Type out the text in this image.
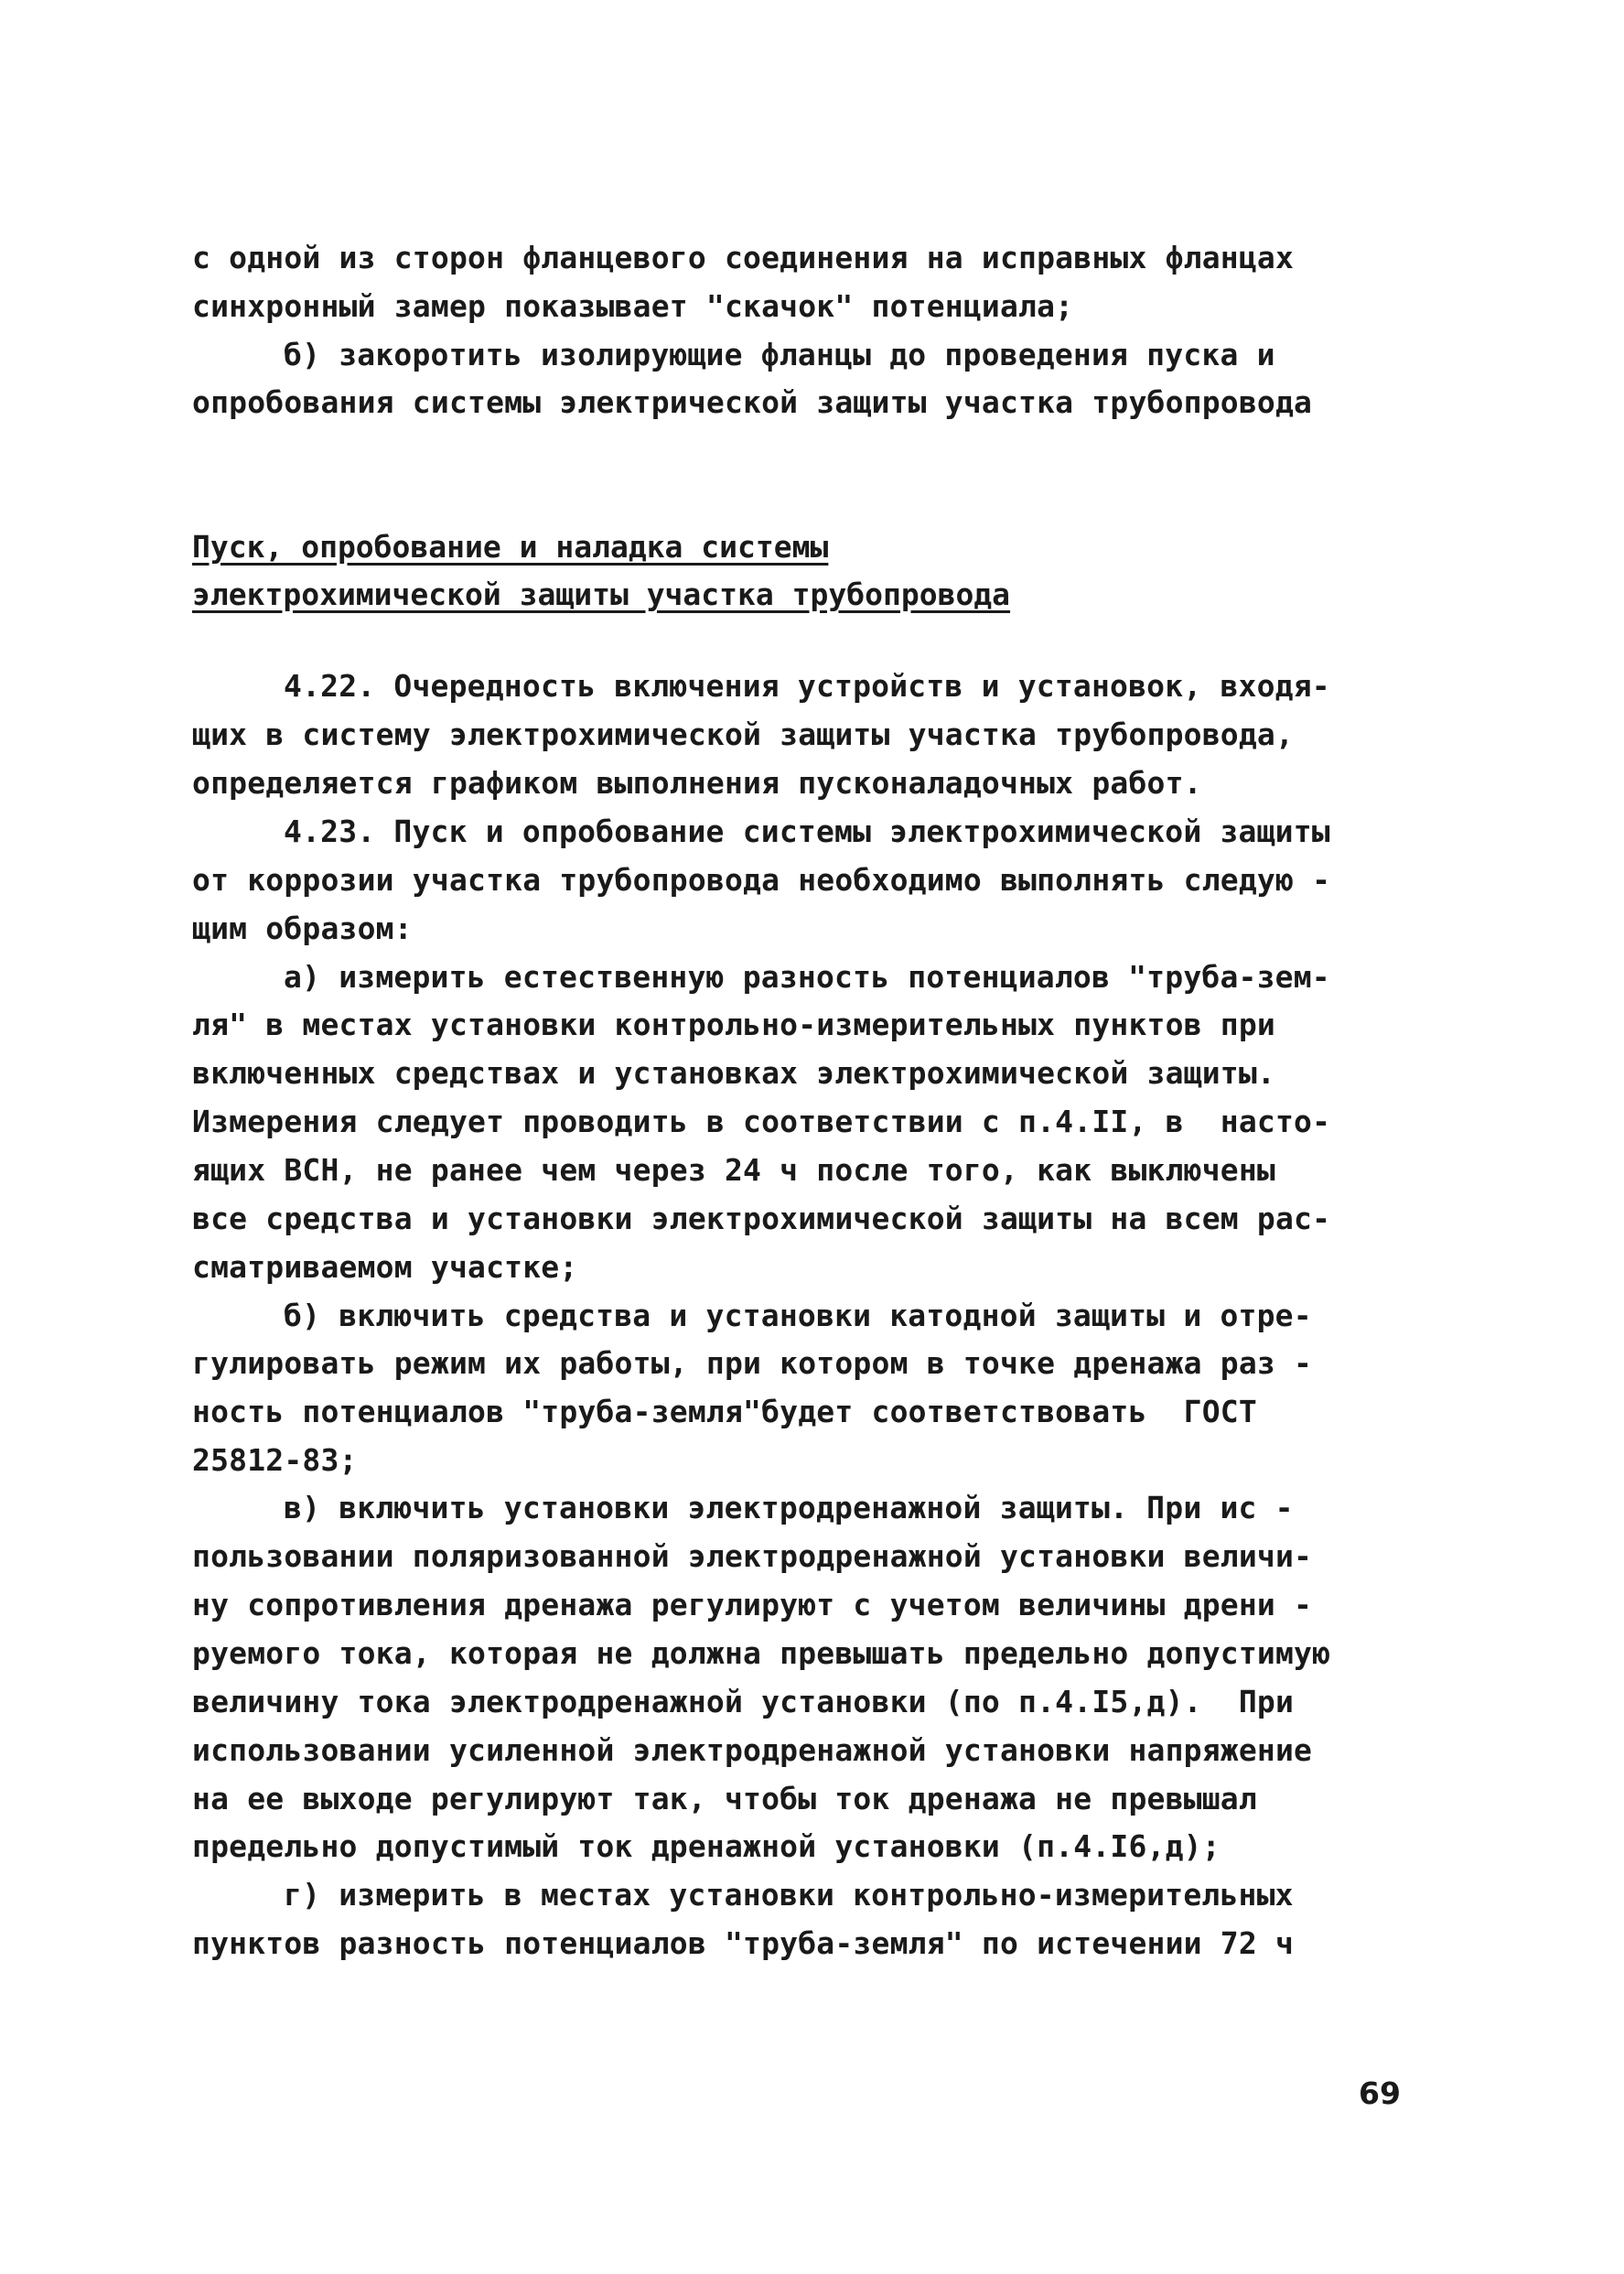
с одной из сторон фланцевого соединения на исправных фланцах
синхронный замер показывает "скачок" потенциала;
б) закоротить изолирующие фланцы до проведения пуска и
опробования системы электрической защиты участка трубопровода
Пуск, опробование и наладка системы
электрохимической защиты участка трубопровода
4.22. Очередность включения устройств и установок, входя-
щих в систему электрохимической защиты участка трубопровода,
определяется графиком выполнения пусконаладочных работ.
4.23. Пуск и опробование системы электрохимической защиты
от коррозии участка трубопровода необходимо выполнять следую -
щим образом:
а) измерить естественную разность потенциалов "труба-зем-
ля" в местах установки контрольно-измерительных пунктов при
включенных средствах и установках электрохимической защиты.
Измерения следует проводить в соответствии с п.4.II, в  насто-
ящих ВСН, не ранее чем через 24 ч после того, как выключены
все средства и установки электрохимической защиты на всем рас-
сматриваемом участке;
б) включить средства и установки катодной защиты и отре-
гулировать режим их работы, при котором в точке дренажа раз -
ность потенциалов "труба-земля"будет соответствовать  ГОСТ
25812-83;
в) включить установки электродренажной защиты. При ис -
пользовании поляризованной электродренажной установки величи-
ну сопротивления дренажа регулируют с учетом величины дрени -
руемого тока, которая не должна превышать предельно допустимую
величину тока электродренажной установки (по п.4.I5,д).  При
использовании усиленной электродренажной установки напряжение
на ее выходе регулируют так, чтобы ток дренажа не превышал
предельно допустимый ток дренажной установки (п.4.I6,д);
г) измерить в местах установки контрольно-измерительных
пунктов разность потенциалов "труба-земля" по истечении 72 ч
69
